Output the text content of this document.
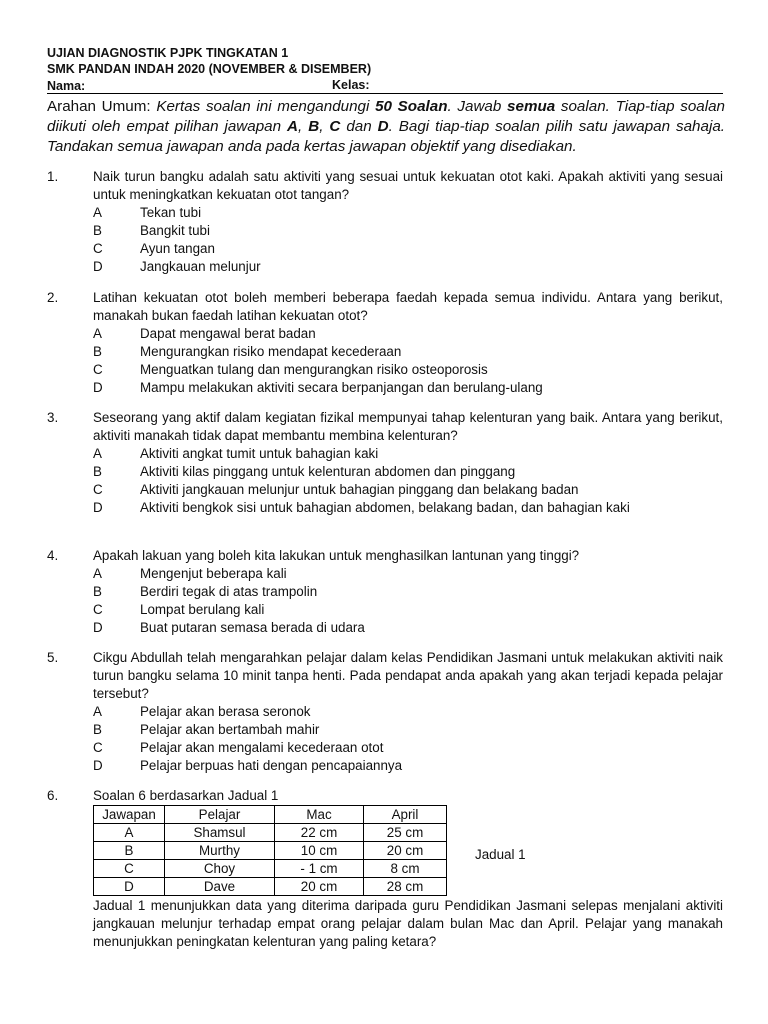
UJIAN DIAGNOSTIK PJPK TINGKATAN 1
SMK PANDAN INDAH 2020 (NOVEMBER & DISEMBER)
Nama:	Kelas:
Arahan Umum: Kertas soalan ini mengandungi 50 Soalan. Jawab semua soalan. Tiap-tiap soalan diikuti oleh empat pilihan jawapan A, B, C dan D. Bagi tiap-tiap soalan pilih satu jawapan sahaja. Tandakan semua jawapan anda pada kertas jawapan objektif yang disediakan.
1.	Naik turun bangku adalah satu aktiviti yang sesuai untuk kekuatan otot kaki. Apakah aktiviti yang sesuai untuk meningkatkan kekuatan otot tangan?
A	Tekan tubi
B	Bangkit tubi
C	Ayun tangan
D	Jangkauan melunjur
2.	Latihan kekuatan otot boleh memberi beberapa faedah kepada semua individu. Antara yang berikut, manakah bukan faedah latihan kekuatan otot?
A	Dapat mengawal berat badan
B	Mengurangkan risiko mendapat kecederaan
C	Menguatkan tulang dan mengurangkan risiko osteoporosis
D	Mampu melakukan aktiviti secara berpanjangan dan berulang-ulang
3.	Seseorang yang aktif dalam kegiatan fizikal mempunyai tahap kelenturan yang baik. Antara yang berikut, aktiviti manakah tidak dapat membantu membina kelenturan?
A	Aktiviti angkat tumit untuk bahagian kaki
B	Aktiviti kilas pinggang untuk kelenturan abdomen dan pinggang
C	Aktiviti jangkauan melunjur untuk bahagian pinggang dan belakang badan
D	Aktiviti bengkok sisi untuk bahagian abdomen, belakang badan, dan bahagian kaki
4.	Apakah lakuan yang boleh kita lakukan untuk menghasilkan lantunan yang tinggi?
A	Mengenjut beberapa kali
B	Berdiri tegak di atas trampolin
C	Lompat berulang kali
D	Buat putaran semasa berada di udara
5.	Cikgu Abdullah telah mengarahkan pelajar dalam kelas Pendidikan Jasmani untuk melakukan aktiviti naik turun bangku selama 10 minit tanpa henti. Pada pendapat anda apakah yang akan terjadi kepada pelajar tersebut?
A	Pelajar akan berasa seronok
B	Pelajar akan bertambah mahir
C	Pelajar akan mengalami kecederaan otot
D	Pelajar berpuas hati dengan pencapaiannya
6.	Soalan 6 berdasarkan Jadual 1
Jawapan	Pelajar	Mac	April
A	Shamsul	22 cm	25 cm
B	Murthy	10 cm	20 cm
C	Choy	- 1 cm	8 cm
D	Dave	20 cm	28 cm
Jadual 1
Jadual 1 menunjukkan data yang diterima daripada guru Pendidikan Jasmani selepas menjalani aktiviti jangkauan melunjur terhadap empat orang pelajar dalam bulan Mac dan April. Pelajar yang manakah menunjukkan peningkatan kelenturan yang paling ketara?
